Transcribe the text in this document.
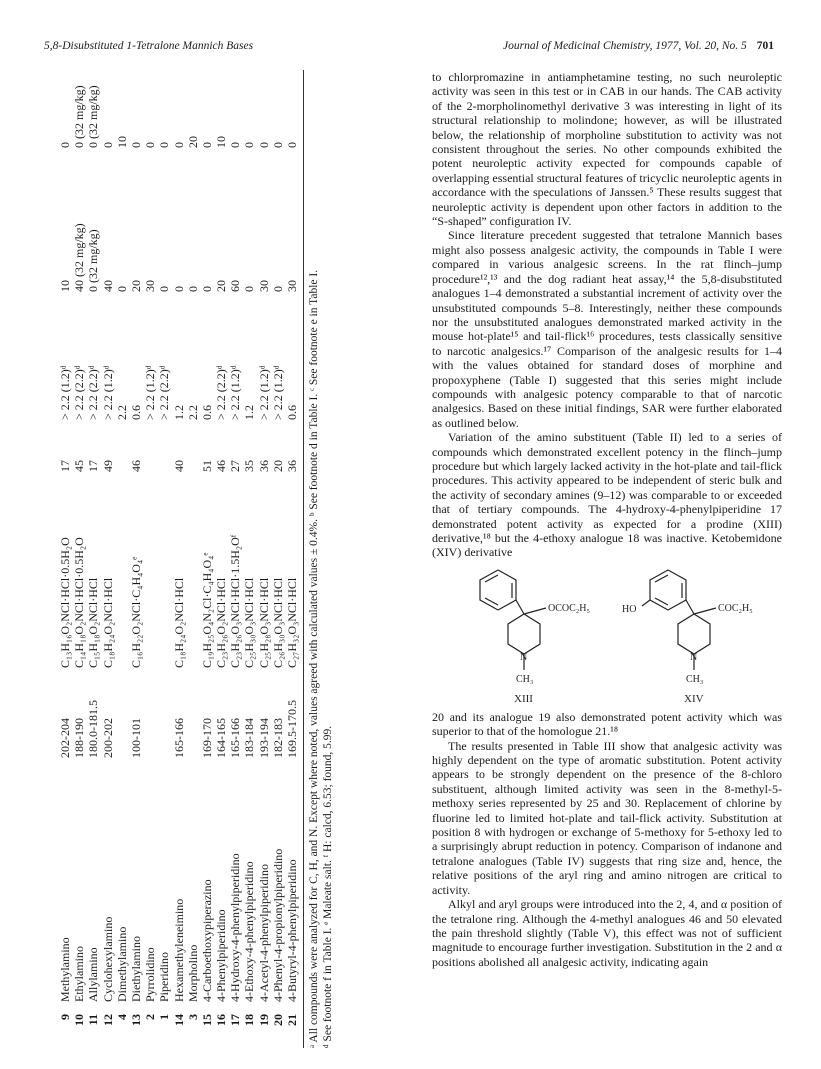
5,8-Disubstituted 1-Tetralone Mannich Bases	Journal of Medicinal Chemistry, 1977, Vol. 20, No. 5 701
9
Methylamino
202-204
C₁₃H₁₆O₂NCl·HCl·0.5H₂O
17
> 2.2 (1.2)ᵈ
10
0
10
Ethylamino
188-190
C₁₄H₁₈O₂NCl·HCl·0.5H₂O
45
> 2.2 (2.2)ᵈ
40 (32 mg/kg)
0 (32 mg/kg)
11
Allylamino
180.0-181.5
C₁₅H₁₈O₂NCl·HCl
17
> 2.2 (2.2)ᵈ
0 (32 mg/kg)
0 (32 mg/kg)
12
Cyclohexylamino
200-202
C₁₈H₂₄O₂NCl·HCl
49
> 2.2 (1.2)ᵈ
40
0
4
Dimethylamino
2.2
0
10
13
Diethylamino
100-101
C₁₆H₂₂O₂NCl·C₄H₄O₄ᵉ
46
0.6
20
0
2
Pyrrolidino
> 2.2 (1.2)ᵈ
30
0
1
Piperidino
> 2.2 (2.2)ᵈ
0
0
14
Hexamethyleneimino
165-166
C₁₈H₂₄O₂NCl·HCl
40
1.2
0
0
3
Morpholino
2.2
0
20
15
4-Carboethoxypiperazino
169-170
C₁₉H₂₅O₄N₂Cl·C₄H₄O₄ᵉ
51
0.6
0
0
16
4-Phenylpiperidino
164-165
C₂₃H₂₆O₂NCl·HCl
46
> 2.2 (2.2)ᵈ
20
10
17
4-Hydroxy-4-phenylpiperidino
165-166
C₂₃H₂₆O₃NCl·HCl·1.5H₂Oᶠ
27
> 2.2 (1.2)ᵈ
60
0
18
4-Ethoxy-4-phenylpiperidino
183-184
C₂₅H₃₀O₃NCl·HCl
35
1.2
0
0
19
4-Acetyl-4-phenylpiperidino
193-194
C₂₅H₂₈O₃NCl·HCl
36
> 2.2 (1.2)ᵈ
30
0
20
4-Phenyl-4-propionylpiperidino
182-183
C₂₆H₃₀O₃NCl·HCl
20
> 2.2 (1.2)ᵈ
0
0
21
4-Butyryl-4-phenylpiperidino
169.5-170.5
C₂₇H₃₂O₃NCl·HCl
36
0.6
30
0
ᵃ All compounds were analyzed for C, H, and N. Except where noted, values agreed with calculated values ± 0.4%. ᵇ See footnote d in Table I. ᶜ See footnote e in Table I. ᵈ See footnote f in Table I. ᵉ Maleate salt. ᶠ H: calcd, 6.53; found, 5.99.

to chlorpromazine in antiamphetamine testing, no such neuroleptic activity was seen in this test or in CAB in our hands. The CAB activity of the 2-morpholinomethyl derivative 3 was interesting in light of its structural relationship to molindone; however, as will be illustrated below, the relationship of morpholine substitution to activity was not consistent throughout the series. No other compounds exhibited the potent neuroleptic activity expected for compounds capable of overlapping essential structural features of tricyclic neuroleptic agents in accordance with the speculations of Janssen.⁵ These results suggest that neuroleptic activity is dependent upon other factors in addition to the “S-shaped” configuration IV.

Since literature precedent suggested that tetralone Mannich bases might also possess analgesic activity, the compounds in Table I were compared in various analgesic screens. In the rat flinch–jump procedure¹²,¹³ and the dog radiant heat assay,¹⁴ the 5,8-disubstituted analogues 1–4 demonstrated a substantial increment of activity over the unsubstituted compounds 5–8. Interestingly, neither these compounds nor the unsubstituted analogues demonstrated marked activity in the mouse hot-plate¹⁵ and tail-flick¹⁶ procedures, tests classically sensitive to narcotic analgesics.¹⁷ Comparison of the analgesic results for 1–4 with the values obtained for standard doses of morphine and propoxyphene (Table I) suggested that this series might include compounds with analgesic potency comparable to that of narcotic analgesics. Based on these initial findings, SAR were further elaborated as outlined below.

Variation of the amino substituent (Table II) led to a series of compounds which demonstrated excellent potency in the flinch–jump procedure but which largely lacked activity in the hot-plate and tail-flick procedures. This activity appeared to be independent of steric bulk and the activity of secondary amines (9–12) was comparable to or exceeded that of tertiary compounds. The 4-hydroxy-4-phenylpiperidine 17 demonstrated potent activity as expected for a prodine (XIII) derivative,¹⁸ but the 4-ethoxy analogue 18 was inactive. Ketobemidone (XIV) derivative

OCOC₂H₅
N
CH₃
XIII
HO	COC₂H₅
N
CH₃
XIV

20 and its analogue 19 also demonstrated potent activity which was superior to that of the homologue 21.¹⁸

The results presented in Table III show that analgesic activity was highly dependent on the type of aromatic substitution. Potent activity appears to be strongly dependent on the presence of the 8-chloro substituent, although limited activity was seen in the 8-methyl-5-methoxy series represented by 25 and 30. Replacement of chlorine by fluorine led to limited hot-plate and tail-flick activity. Substitution at position 8 with hydrogen or exchange of 5-methoxy for 5-ethoxy led to a surprisingly abrupt reduction in potency. Comparison of indanone and tetralone analogues (Table IV) suggests that ring size and, hence, the relative positions of the aryl ring and amino nitrogen are critical to activity.

Alkyl and aryl groups were introduced into the 2, 4, and α position of the tetralone ring. Although the 4-methyl analogues 46 and 50 elevated the pain threshold slightly (Table V), this effect was not of sufficient magnitude to encourage further investigation. Substitution in the 2 and α positions abolished all analgesic activity, indicating again
